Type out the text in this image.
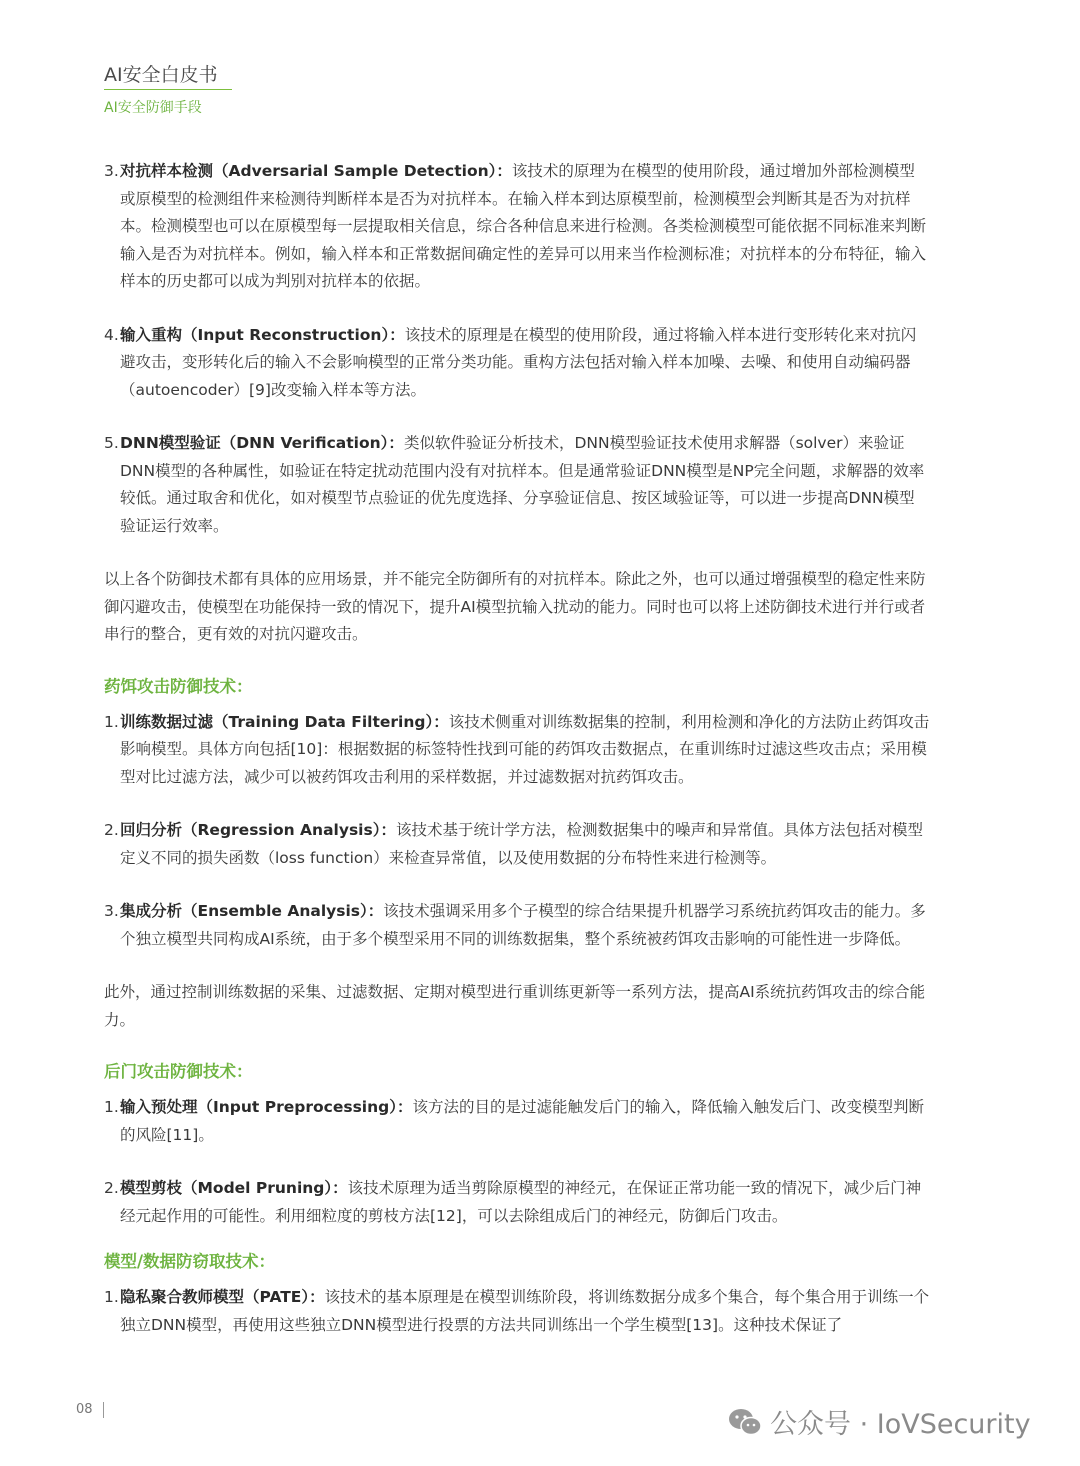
AI安全白皮书
AI安全防御手段
3. 对抗样本检测（Adversarial Sample Detection）：该技术的原理为在模型的使用阶段，通过增加外部检测模型或原模型的检测组件来检测待判断样本是否为对抗样本。在输入样本到达原模型前，检测模型会判断其是否为对抗样本。检测模型也可以在原模型每一层提取相关信息，综合各种信息来进行检测。各类检测模型可能依据不同标准来判断输入是否为对抗样本。例如，输入样本和正常数据间确定性的差异可以用来当作检测标准；对抗样本的分布特征，输入样本的历史都可以成为判别对抗样本的依据。
4. 输入重构（Input Reconstruction）：该技术的原理是在模型的使用阶段，通过将输入样本进行变形转化来对抗闪避攻击，变形转化后的输入不会影响模型的正常分类功能。重构方法包括对输入样本加噪、去噪、和使用自动编码器（autoencoder）[9]改变输入样本等方法。
5. DNN模型验证（DNN Verification）：类似软件验证分析技术，DNN模型验证技术使用求解器（solver）来验证DNN模型的各种属性，如验证在特定扰动范围内没有对抗样本。但是通常验证DNN模型是NP完全问题，求解器的效率较低。通过取舍和优化，如对模型节点验证的优先度选择、分享验证信息、按区域验证等，可以进一步提高DNN模型验证运行效率。
以上各个防御技术都有具体的应用场景，并不能完全防御所有的对抗样本。除此之外，也可以通过增强模型的稳定性来防御闪避攻击，使模型在功能保持一致的情况下，提升AI模型抗输入扰动的能力。同时也可以将上述防御技术进行并行或者串行的整合，更有效的对抗闪避攻击。
药饵攻击防御技术：
1. 训练数据过滤（Training Data Filtering）：该技术侧重对训练数据集的控制，利用检测和净化的方法防止药饵攻击影响模型。具体方向包括[10]：根据数据的标签特性找到可能的药饵攻击数据点，在重训练时过滤这些攻击点；采用模型对比过滤方法，减少可以被药饵攻击利用的采样数据，并过滤数据对抗药饵攻击。
2. 回归分析（Regression Analysis）：该技术基于统计学方法，检测数据集中的噪声和异常值。具体方法包括对模型定义不同的损失函数（loss function）来检查异常值，以及使用数据的分布特性来进行检测等。
3. 集成分析（Ensemble Analysis）：该技术强调采用多个子模型的综合结果提升机器学习系统抗药饵攻击的能力。多个独立模型共同构成AI系统，由于多个模型采用不同的训练数据集，整个系统被药饵攻击影响的可能性进一步降低。
此外，通过控制训练数据的采集、过滤数据、定期对模型进行重训练更新等一系列方法，提高AI系统抗药饵攻击的综合能力。
后门攻击防御技术：
1. 输入预处理（Input Preprocessing）：该方法的目的是过滤能触发后门的输入，降低输入触发后门、改变模型判断的风险[11]。
2. 模型剪枝（Model Pruning）：该技术原理为适当剪除原模型的神经元，在保证正常功能一致的情况下，减少后门神经元起作用的可能性。利用细粒度的剪枝方法[12]，可以去除组成后门的神经元，防御后门攻击。
模型/数据防窃取技术：
1. 隐私聚合教师模型（PATE）：该技术的基本原理是在模型训练阶段，将训练数据分成多个集合，每个集合用于训练一个独立DNN模型，再使用这些独立DNN模型进行投票的方法共同训练出一个学生模型[13]。这种技术保证了
08	公众号 · IoVSecurity
